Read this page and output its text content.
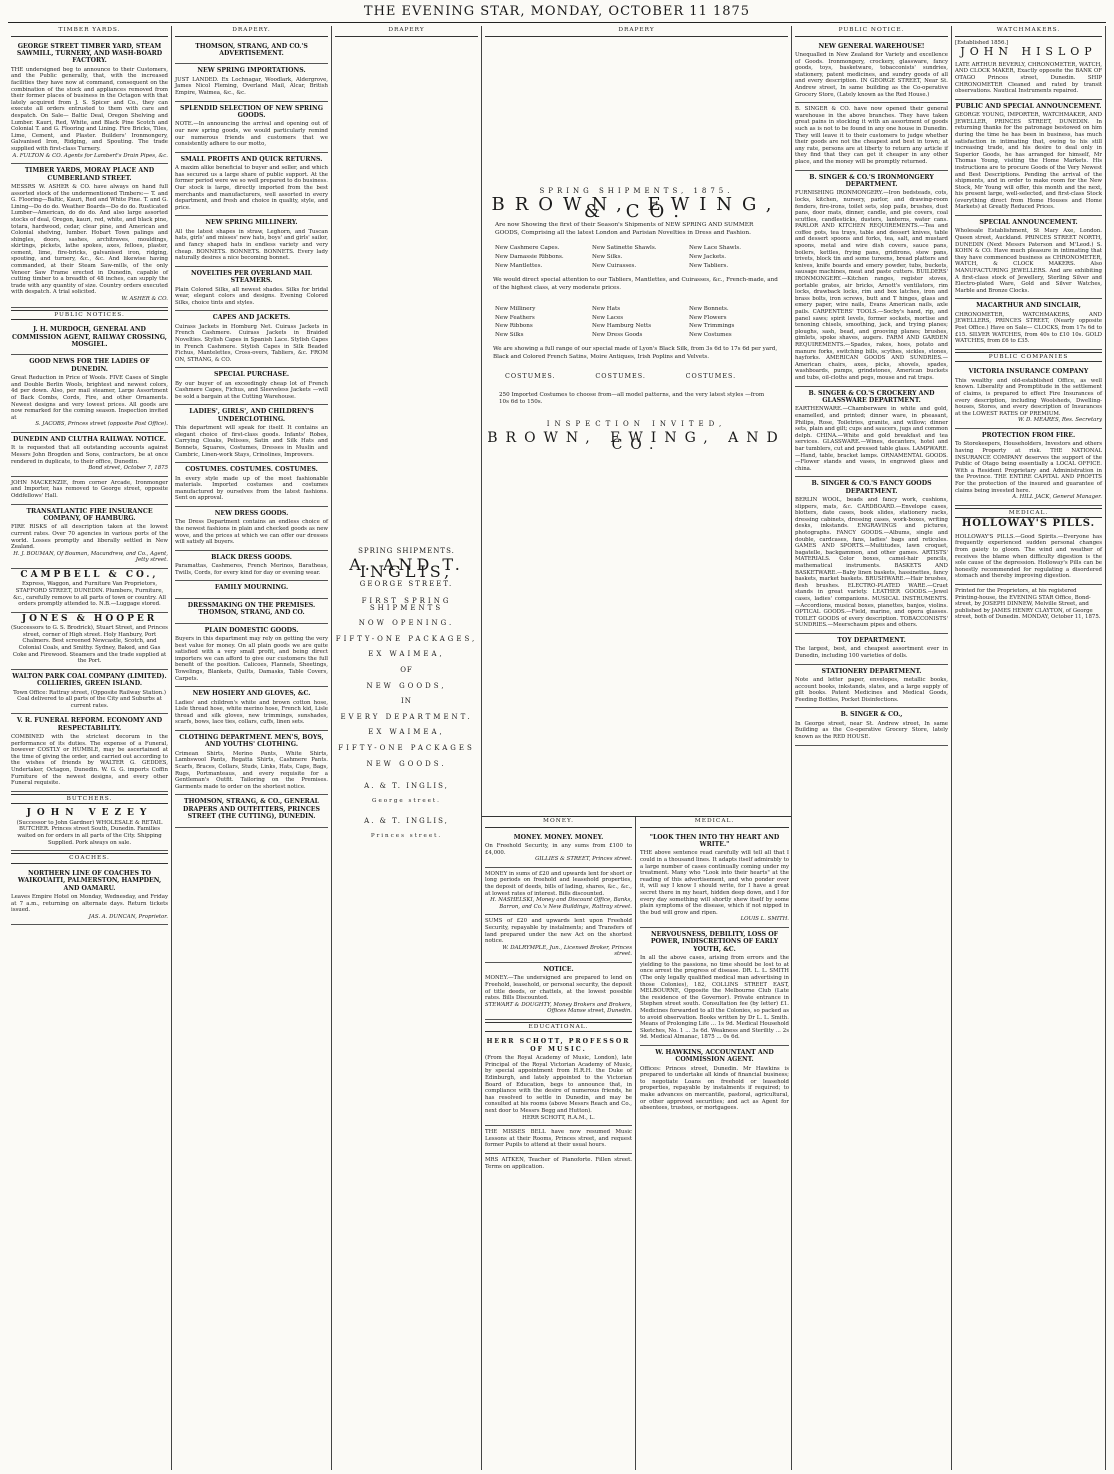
THE EVENING STAR, MONDAY, OCTOBER 11 1875
TIMBER YARDS.
GEORGE STREET TIMBER YARD, STEAM SAWMILL, TURNERY, AND WASH-BOARD FACTORY.
THE undersigned beg to announce to their Customers, and the Public generally, that, with the increased facilities they have now at command, consequent on the combination of the stock and appliances removed from their former places of business in the Octagon with that lately acquired from J. S. Spicer and Co., they can execute all orders entrusted to them with care and despatch. On Sale— Baltic Deal, Oregon Shelving and Lumber. Kauri, Red, White, and Black Pine Scotch and Colonial T. and G. Flooring and Lining. Fire Bricks, Tiles, Lime, Cement, and Plaster. Builders' Ironmongery, Galvanised Iron, Ridging, and Spouting. The trade supplied with first-class Turnery.
A. FULTON & CO. Agents for Lambert's Drain Pipes, &c.
TIMBER YARDS, MORAY PLACE AND CUMBERLAND STREET.
MESSRS W. ASHER & CO. have always on hand full assorted stock of the undermentioned Timbers:— T. and G. Flooring—Baltic, Kauri, Red and White Pine. T. and G. Lining—Do do do. Weather Boards—Do do do. Rusticated Lumber—American, do do do. And also large assorted stocks of deal, Oregon, kauri, red, white, and black pine, totara, hardwood, cedar, clear pine, and American and Colonial shelving, lumber. Hobart Town palings and shingles, doors, sashes, architraves, mouldings, skirtings, pickets, lathe spokes, axes, felloes, plaster, cement, lime, fire-bricks, galvanised iron, ridging, spouting, and turnery, &c., &c. And likewise having commanded, at their Steam Saw-mills, of the only Veneer Saw Frame erected in Dunedin, capable of cutting timber to a breadth of 48 inches, can supply the trade with any quantity of size. Country orders executed with despatch. A trial solicited.
W. ASHER & CO.
PUBLIC NOTICES.
J. H. MURDOCH, GENERAL AND COMMISSION AGENT, RAILWAY CROSSING, MOSGIEL.
GOOD NEWS FOR THE LADIES OF DUNEDIN.
Great Reduction in Price of Wools. FIVE Cases of Single and Double Berlin Wools, brightest and newest colors, 4d per down. Also, per mail steamer, Large Assortment of Back Combs, Cords, Fire, and other Ornaments. Newest designs and very lowest prices. All goods are now remarked for the coming season. Inspection invited at
S. JACOBS, Princes street (opposite Post Office).
DUNEDIN AND CLUTHA RAILWAY. NOTICE.
It is requested that all outstanding accounts against Messrs John Brogden and Sons, contractors, be at once rendered in duplicate, to their office, Dunedin.
Bond street, October 7, 1875
JOHN MACKENZIE, from corner Arcade, Ironmonger and Importer, has removed to George street, opposite Oddfellows' Hall.
TRANSATLANTIC FIRE INSURANCE COMPANY, OF HAMBURG.
FIRE RISKS of all description taken at the lowest current rates. Over 70 agencies in various ports of the world. Losses promptly and liberally settled in New Zealand.
H. J. BOUMAN, Of Bouman, Macandrew, and Co., Agent, Jetty street.
CAMPBELL & CO.,
Express, Waggon, and Furniture Van Proprietors, STAFFORD STREET, DUNEDIN. Plumbers, Furniture, &c., carefully remove to all parts of town or country. All orders promptly attended to. N.B.—Luggage stored.
JONES & HOOPER
(Successors to G. S. Brodrick), Stuart Street, and Princes street, corner of High street. Holy Hanbury, Port Chalmers. Best screened Newcastle, Scotch, and Colonial Coals, and Smithy. Sydney, Baked, and Gas Coke and Firewood. Steamers and the trade supplied at the Port.
WALTON PARK COAL COMPANY (LIMITED). COLLIERIES, GREEN ISLAND.
Town Office: Rattray street, (Opposite Railway Station.) Coal delivered to all parts of the City and Suburbs at current rates.
V. R. FUNERAL REFORM. ECONOMY AND RESPECTABILITY.
COMBINED with the strictest decorum in the performance of its duties. The expense of a Funeral, however COSTLY or HUMBLE, may be ascertained at the time of giving the order, and carried out according to the wishes of friends by WALTER G. GEDDES, Undertaker, Octagon, Dunedin. W. G. G. imports Coffin Furniture of the newest designs, and every other Funeral requisite.
BUTCHERS.
JOHN VEZEY
(Successor to John Gardner) WHOLESALE & RETAIL BUTCHER. Princes street South, Dunedin. Families waited on for orders in all parts of the City. Shipping Supplied. Pork always on sale.
COACHES.
NORTHERN LINE OF COACHES TO WAIKOUAITI, PALMERSTON, HAMPDEN, AND OAMARU.
Leaves Empire Hotel on Monday, Wednesday, and Friday at 7 a.m., returning on alternate days. Return tickets issued.
JAS. A. DUNCAN, Proprietor.
DRAPERY.
THOMSON, STRANG, AND CO.'S ADVERTISEMENT.
NEW SPRING IMPORTATIONS.
JUST LANDED. Ex Lochnagar, Woodlark, Aldergrove, James Nicol Fleming, Overland Mail, Alcar, British Empire, Waimea, &c., &c.
SPLENDID SELECTION OF NEW SPRING GOODS.
NOTE.—In announcing the arrival and opening out of our new spring goods, we would particularly remind our numerous friends and customers that we consistently adhere to our motto,
SMALL PROFITS AND QUICK RETURNS.
A maxim alike beneficial to buyer and seller, and which has secured us a large share of public support. At the former period were we so well prepared to do business. Our stock is large, directly imported from the best merchants and manufacturers, well assorted in every department, and fresh and choice in quality, style, and price.
NEW SPRING MILLINERY.
All the latest shapes in straw, Leghorn, and Tuscan hats, girls' and misses' new hats, boys' and girls' sailor, and fancy shaped hats in endless variety and very cheap. BONNETS. BONNETS. BONNETS. Every lady naturally desires a nice becoming bonnet.
NOVELTIES PER OVERLAND MAIL STEAMERS.
Plain Colored Silks, all newest shades. Silks for bridal wear, elegant colors and designs. Evening Colored Silks, choice tints and styles.
CAPES AND JACKETS.
Cuirass Jackets in Homburg Net. Cuirass Jackets in French Cashmere. Cuirass Jackets in Braided Novelties. Stylish Capes in Spanish Lace. Stylish Capes in French Cashmere. Stylish Capes in Silk Beaded Fichus, Mantelettes, Cross-overs, Tabliers, &c. FROM ON, STRANG, & CO.
SPECIAL PURCHASE.
By our buyer of an exceedingly cheap lot of French Cashmere Capes, Fichus, and Sleeveless Jackets —will be sold a bargain at the Cutting Warehouse.
LADIES', GIRLS', AND CHILDREN'S UNDERCLOTHING.
This department will speak for itself. It contains an elegant choice of first-class goods. Infants' Robes, Carrying Cloaks, Pelisses, Satin and Silk Hats and Bonnets, Squares, Costumes, Dresses in Muslin and Cambric, Linen-work Stays, Crinolines, Improvers.
COSTUMES. COSTUMES. COSTUMES.
In every style made up of the most fashionable materials. Imported costumes and costumes manufactured by ourselves from the latest fashions. Sent on approval.
NEW DRESS GOODS.
The Dress Department contains an endless choice of the newest fashions in plain and checked goods as new wove, and the prices at which we can offer our dresses will satisfy all buyers.
BLACK DRESS GOODS.
Paramattas, Cashmeres, French Merinos, Baratheas, Twills, Cords, for every kind for day or evening wear.
FAMILY MOURNING.
DRESSMAKING ON THE PREMISES. THOMSON, STRANG, AND CO.
PLAIN DOMESTIC GOODS.
Buyers in this department may rely on getting the very best value for money. On all plain goods we are quite satisfied with a very small profit, and being direct importers we can afford to give our customers the full benefit of the position. Calicoes, Flannels, Sheetings, Towelings, Blankets, Quilts, Damasks, Table Covers, Carpets.
NEW HOSIERY AND GLOVES, &C.
Ladies' and children's white and brown cotton hose, Lisle thread hose, white merino hose, French kid, Lisle thread and silk gloves, new trimmings, sunshades, scarfs, bows, lace ties, collars, cuffs, linen sets.
CLOTHING DEPARTMENT. MEN'S, BOYS, AND YOUTHS' CLOTHING.
Crimean Shirts, Merino Pants, White Shirts, Lambswool Pants, Regatta Shirts, Cashmere Pants. Scarfs, Braces, Collars, Studs, Links, Hats, Caps, Bags, Rugs, Portmanteaus, and every requisite for a Gentleman's Outfit. Tailoring on the Premises. Garments made to order on the shortest notice.
THOMSON, STRANG, & CO., GENERAL DRAPERS AND OUTFITTERS, PRINCES STREET (THE CUTTING), DUNEDIN.
DRAPERY
SPRING SHIPMENTS.
A. AND T. INGLIS,
GEORGE STREET.
FIRST SPRING SHIPMENTS
NOW OPENING.
FIFTY-ONE PACKAGES,
EX WAIMEA,
OF
NEW GOODS,
IN
EVERY DEPARTMENT.
EX WAIMEA,
FIFTY-ONE PACKAGES
NEW GOODS.
A. & T. INGLIS,
George street.
A. & T. INGLIS,
Princes street.
DRAPERY
SPRING SHIPMENTS, 1875.
BROWN, EWING, & CO.
Are now Showing the first of their Season's Shipments of NEW SPRING AND SUMMER GOODS, Comprising all the latest London and Parisian Novelties in Dress and Fashion.
New Cashmere Capes.	New Satinette Shawls.	New Lace Shawls.
New Damassie Ribbons.	New Silks.	New Jackets.
New Mantlettes.	New Cuirasses.	New Tabliers.
We would direct special attention to our Tabliers, Mantlettes, and Cuirasses, &c., French-made, and of the highest class, at very moderate prices.
New Millinery	New Hats	New Bonnets.
New Feathers	New Laces	New Flowers
New Ribbons	New Hamburg Netts	New Trimmings
New Silks	New Dress Goods	New Costumes
We are showing a full range of our special made of Lyon's Black Silk, from 3s 6d to 17s 6d per yard, Black and Colored French Satins, Moire Antiques, Irish Poplins and Velvets.
COSTUMES.	COSTUMES.	COSTUMES.
250 Imported Costumes to choose from—all model patterns, and the very latest styles —from 10s 6d to 150s.
INSPECTION INVITED,
BROWN, EWING, AND CO.
MONEY.
MONEY. MONEY. MONEY.
On Freehold Security, in any sums from £100 to £4,000.
GILLIES & STREET, Princes street.
MONEY in sums of £20 and upwards lent for short or long periods on freehold and leasehold properties, the deposit of deeds, bills of lading, shares, &c., &c., at lowest rates of interest. Bills discounted.
H. NASHELSKI, Money and Discount Office, Banks, Barron, and Co.'s New Buildings, Rattray street.
SUMS of £20 and upwards lent upon Freehold Security, repayable by instalments; and Transfers of land prepared under the new Act on the shortest notice.
W. DALRYMPLE, Jun., Licensed Broker, Princes street.
NOTICE.
MONEY.—The undersigned are prepared to lend on Freehold, leasehold, or personal security, the deposit of title deeds, or chattels, at the lowest possible rates. Bills Discounted.
STEWART & DOUGHTY, Money Brokers and Brokers, Offices Manse street, Dunedin.
EDUCATIONAL.
HERR SCHOTT, PROFESSOR OF MUSIC.
(From the Royal Academy of Music, London), late Principal of the Royal Victorian Academy of Music, by special appointment from H.R.H. the Duke of Edinburgh, and lately appointed to the Victorian Board of Education, begs to announce that, in compliance with the desire of numerous friends, he has resolved to settle in Dunedin, and may be consulted at his rooms (above Messrs Reach and Co., next door to Messrs Begg and Hutton).
HERR SCHOTT, R.A.M., L.
THE MISSES BELL have now resumed Music Lessons at their Rooms, Princes street, and request former Pupils to attend at their usual hours.
MRS AITKEN, Teacher of Pianoforte. Fillen street. Terms on application.
MEDICAL.
"LOOK THEN INTO THY HEART AND WRITE."
THE above sentence read carefully will tell all that I could in a thousand lines. It adapts itself admirably to a large number of cases continually coming under my treatment. Many who "Look into their hearts" at the reading of this advertisement, and who ponder over it, will say I know I should write, for I have a great secret there in my heart, hidden deep down, and I for every day something will shortly shew itself by some plain symptoms of the disease, which if not nipped in the bud will grow and ripen.
LOUIS L. SMITH.
NERVOUSNESS, DEBILITY, LOSS OF POWER, INDISCRETIONS OF EARLY YOUTH, &C.
In all the above cases, arising from errors and the yielding to the passions, no time should be lost to at once arrest the progress of disease. DR. L. L. SMITH (The only legally qualified medical man advertising in those Colonies), 182, COLLINS STREET EAST, MELBOURNE, Opposite the Melbourne Club (Late the residence of the Governor). Private entrance in Stephen street south. Consultation fee (by letter) £1. Medicines forwarded to all the Colonies, so packed as to avoid observation. Books written by Dr L. L. Smith. Means of Prolonging Life ... 1s 9d. Medical Household Sketches, No. 1 ... 3s 6d. Weakness and Sterility ... 2s 9d. Medical Almanac, 1875 ... 0s 6d.
W. HAWKINS, ACCOUNTANT AND COMMISSION AGENT.
Offices: Princes street, Dunedin. Mr Hawkins is prepared to undertake all kinds of financial business; to negotiate Loans on freehold or leasehold properties, repayable by instalments if required; to make advances on mercantile, pastoral, agricultural, or other approved securities; and act as Agent for absentees, trustees, or mortgagees.
PUBLIC NOTICE.
NEW GENERAL WAREHOUSE!
Unequalled in New Zealand for Variety and excellence of Goods. Ironmongery, crockery, glassware, fancy goods, toys, basketware, tobacconists' sundries, stationery, patent medicines, and sundry goods of all and every description. IN GEORGE STREET, Near St. Andrew street, In same building as the Co-operative Grocery Store, (Lately known as the Red House.)
B. SINGER & CO. have now opened their general warehouse in the above branches. They have taken great pains in stocking it with an assortment of goods such as is not to be found in any one house in Dunedin. They will leave it to their customers to judge whether their goods are not the cheapest and best in town; at any rate, persons are at liberty to return any article if they find that they can get it cheaper in any other place, and the money will be promptly returned.
B. SINGER & CO.'S IRONMONGERY DEPARTMENT.
FURNISHING IRONMONGERY.—Iron bedsteads, cots, locks, kitchen, nursery, parlor, and drawing-room fenders, fire-irons, toilet sets, slop pails, brushes, dust pans, door mats, dinner, candle, and pie covers, coal scuttles, candlesticks, dusters, lanterns, water cans. PARLOR AND KITCHEN REQUIREMENTS.—Tea and coffee pots, tea trays, table and dessert knives, table and dessert spoons and forks, tea, salt, and mustard spoons, metal and wire dish covers, sauce pans, boilers, kettles, frying pans, gridirons, stew pans, trivets, block tin and some tureens, bread platters and knives, knife boards and emery powder, tubs, buckets, sausage machines, meat and paste cutters. BUILDERS' IRONMONGERY.—Kitchen ranges, register stoves, portable grates, air bricks, Arnott's ventilators, rim locks, drawback locks, rim and box latches, iron and brass bolts, iron screws, butt and T hinges, glass and emery paper, wire nails, Evans American nails, axle pails. CARPENTERS' TOOLS.—Socby's hand, rip, and panel saws; spirit levels, former sockets, mortise and tenoning chisels, smoothing, jack, and trying planes; ploughs, sash, bead, and grooving planes; brushes, gimlets, spoke shaves, augers. FARM AND GARDEN REQUIREMENTS.—Spades, rakes, hoes, potato and manure forks, switching bills, scythes, sickles, stones, hayforks. AMERICAN GOODS AND SUNDRIES.—American chairs, axes, picks, shovels, spades, washboards, pumps, grindstones, American buckets and tubs, oil-cloths and pegs, mouse and rat traps.
B. SINGER & CO.'S CROCKERY AND GLASSWARE DEPARTMENT.
EARTHENWARE.—Chamberware in white and gold, enamelled, and printed; dinner ware, in pheasant, Philips, Rose, Toiletries, granite, and willow; dinner sets, plain and gilt; cups and saucers, jugs and common delph. CHINA.—White and gold breakfast and tea services. GLASSWARE.—Wines, decanters, hotel and bar tumblers, cut and pressed table glass. LAMPWARE.—Hand, table, bracket lamps. ORNAMENTAL GOODS.—Flower stands and vases, in engraved glass and china.
B. SINGER & CO.'S FANCY GOODS DEPARTMENT.
BERLIN WOOL, beads and fancy work, cushions, slippers, mats, &c. CARDBOARD.—Envelope cases, blotters, date cases, book slides, stationery racks, dressing cabinets, dressing cases, work-boxes, writing desks, inkstands. ENGRAVINGS and pictures, photographs. FANCY GOODS.—Albums, single and double, cardcases, fans, ladies' bags and reticules. GAMES AND SPORTS.—Multitudes, lawn croquet, bagatelle, backgammon, and other games. ARTISTS' MATERIALS. Color boxes, camel-hair pencils, mathematical instruments. BASKETS AND BASKETWARE.—Baby linen baskets, hassinettes, fancy baskets, market baskets. BRUSHWARE.—Hair brushes, flesh brushes. ELECTRO-PLATED WARE.—Cruet stands in great variety. LEATHER GOODS.—Jewel cases, ladies' companions. MUSICAL INSTRUMENTS.—Accordions, musical boxes, pianettes, banjos, violins. OPTICAL GOODS.—Field, marine, and opera glasses. TOILET GOODS of every description. TOBACCONISTS' SUNDRIES.—Meerschaum pipes and others.
TOY DEPARTMENT.
The largest, best, and cheapest assortment ever in Dunedin, including 100 varieties of dolls.
STATIONERY DEPARTMENT.
Note and letter paper, envelopes, metallic books, account books, inkstands, slates, and a large supply of gilt books. Patent Medicines and Medical Goods, Feeding Bottles, Pocket Disinfections.
B. SINGER & CO.,
In George street, near St. Andrew street, In same Building as the Co-operative Grocery Store, lately known as the RED HOUSE.
WATCHMAKERS.
[Established 1856.]
JOHN HISLOP
LATE ARTHUR BEVERLY, CHRONOMETER, WATCH, AND CLOCK MAKER, Exactly opposite the BANK OF OTAGO Princes street, Dunedin. SHIP CHRONOMETER Cleaned and rated by transit observations. Nautical Instruments repaired.
PUBLIC AND SPECIAL ANNOUNCEMENT.
GEORGE YOUNG, IMPORTER, WATCHMAKER, AND JEWELLER, PRINCES STREET, DUNEDIN. In returning thanks for the patronage bestowed on him during the time he has been in business, has much satisfaction in intimating that, owing to his still increasing trade, and his desire to deal only in Superior Goods, he has arranged for himself, Mr Thomas Young, visiting the Home Markets. His instructions are to procure Goods of the Very Newest and Best Descriptions. Pending the arrival of the shipments, and in order to make room for the New Stock, Mr Young will offer, this month and the next, his present large, well-selected, and first-class Stock (everything direct from Home Houses and Home Markets) at Greatly Reduced Prices.
SPECIAL ANNOUNCEMENT.
Wholesale Establishment, St Mary Axe, London. Queen street, Auckland. PRINCES STREET NORTH, DUNEDIN (Next Messrs Paterson and M'Leod.) S. KOHN & CO. Have much pleasure in intimating that they have commenced business as CHRONOMETER, WATCH, & CLOCK MAKERS. Also MANUFACTURING JEWELLERS. And are exhibiting A first-class stock of Jewellery, Sterling Silver and Electro-plated Ware, Gold and Silver Watches, Marble and Bronze Clocks.
MACARTHUR AND SINCLAIR,
CHRONOMETER, WATCHMAKERS, AND JEWELLERS, PRINCES STREET, (Nearly opposite Post Office.) Have on Sale— CLOCKS, from 17s 6d to £15. SILVER WATCHES, from 40s to £10 10s. GOLD WATCHES, from £6 to £35.
PUBLIC COMPANIES
VICTORIA INSURANCE COMPANY
This wealthy and old-established Office, as well known. Liberality and Promptitude in the settlement of claims, is prepared to effect Fire Insurances of every description, including Woolsheds, Dwelling-houses, Stores, and every description of Insurances at the LOWEST RATES OF PREMIUM.
W. D. MEARES, Res. Secretary
PROTECTION FROM FIRE.
To Storekeepers, Householders, Investors and others having Property at risk. THE NATIONAL INSURANCE COMPANY deserves the support of the Public of Otago being essentially a LOCAL OFFICE. With a Resident Proprietary and Administration in the Province. THE ENTIRE CAPITAL AND PROFITS For the protection of the insured and guarantee of claims being invested here.
A. HILL JACK, General Manager.
MEDICAL.
HOLLOWAY'S PILLS.
HOLLOWAY'S PILLS.—Good Spirits.—Everyone has frequently experienced sudden personal changes from gaiety to gloom. The wind and weather of receives the blame when difficulty digestion is the sole cause of the depression. Holloway's Pills can be honestly recommended for regulating a disordered stomach and thereby improving digestion.
Printed for the Proprietors, at his registered Printing-house, the EVENING STAR Office, Bond-street, by JOSEPH DINNEW, Melville Street, and published by JAMES HENRY CLAYTON, of George street, both of Dunedin. MONDAY, October 11, 1875.
